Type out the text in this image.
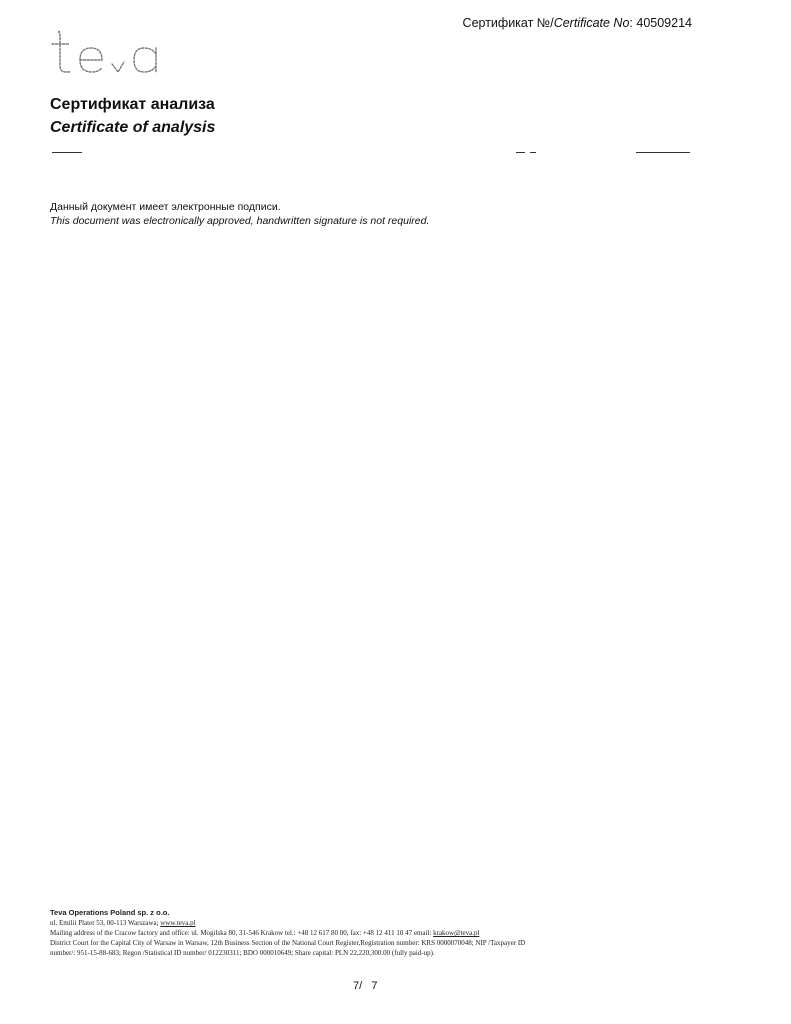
Сертификат №/Certificate No: 40509214
Сертификат анализа
Certificate of analysis
Данный документ имеет электронные подписи.
This document was electronically approved, handwritten signature is not required.
Teva Operations Poland sp. z o.o.
ul. Emilii Plater 53, 00-113 Warszawa; www.teva.pl
Mailing address of the Cracow factory and office: ul. Mogilska 80, 31-546 Krakow tel.: +48 12 617 80 00, fax: +48 12 411 10 47 email: krakow@teva.pl
District Court for the Capital City of Warsaw in Warsaw, 12th Business Section of the National Court Register,Registration number: KRS 0000070048; NIP /Taxpayer ID
number/: 951-15-88-683; Regon /Statistical ID number/ 012230311; BDO 000010649; Share capital: PLN 22,220,300.00 (fully paid-up).
7/ 7
